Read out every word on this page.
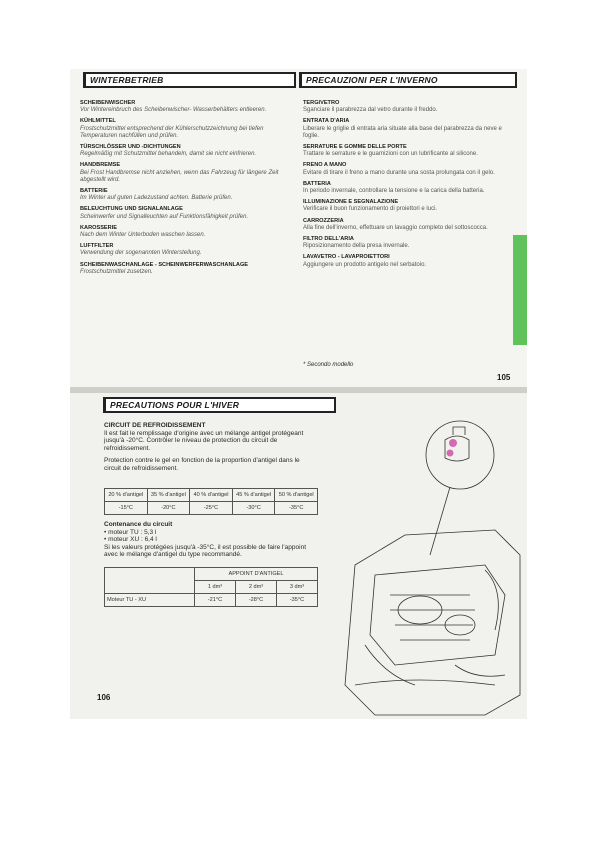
WINTERBETRIEB	PRECAUZIONI PER L'INVERNO
SCHEIBENWISCHER
Vor Wintereinbruch des Scheibenwischer- Wasserbehälters entleeren.
KÜHLMITTEL
Frostschutzmittel entsprechend der Kühlerschutzzeichnung bei tiefen Temperaturen nachfüllen und prüfen.
TÜRSCHLÖSSER UND -DICHTUNGEN
Regelmäßig mit Schutzmittel behandeln, damit sie nicht einfrieren.
HANDBREMSE
Bei Frost Handbremse nicht anziehen, wenn das Fahrzeug für längere Zeit abgestellt wird.
BATTERIE
Im Winter auf guten Ladezustand achten. Batterie prüfen.
BELEUCHTUNG UND SIGNALANLAGE
Scheinwerfer und Signalleuchten auf Funktionsfähigkeit prüfen.
KAROSSERIE
Nach dem Winter Unterboden waschen lassen.
LUFTFILTER
Verwendung der sogenannten Winterstellung.
SCHEIBENWASCHANLAGE - SCHEINWERFERWASCHANLAGE
Frostschutzmittel zusetzen.
TERGIVETRO
Sganciare il parabrezza dal vetro durante il freddo.
ENTRATA D'ARIA
Liberare le griglie di entrata aria situate alla base del parabrezza da neve e foglie.
SERRATURE E GOMME DELLE PORTE
Trattare le serrature e le guarnizioni con un lubrificante al silicone.
FRENO A MANO
Evitare di tirare il freno a mano durante una sosta prolungata con il gelo.
BATTERIA
In periodo invernale, controllare la tensione e la carica della batteria.
ILLUMINAZIONE E SEGNALAZIONE
Verificare il buon funzionamento di proiettori e luci.
CARROZZERIA
Alla fine dell'inverno, effettuare un lavaggio completo del sottoscocca.
FILTRO DELL'ARIA
Riposizionamento della presa invernale.
LAVAVETRO - LAVAPROIETTORI
Aggiungere un prodotto antigelo nel serbatoio.
* Secondo modello
105
PRECAUTIONS POUR L'HIVER
CIRCUIT DE REFROIDISSEMENT
Il est fait le remplissage d'origine avec un mélange antigel protégeant jusqu'à -20°C. Contrôler le niveau de protection du circuit de refroidissement.
Protection contre le gel en fonction de la proportion d'antigel dans le circuit de refroidissement.
20 % d'antigel	35 % d'antigel	40 % d'antigel	45 % d'antigel	50 % d'antigel
-15°C	-20°C	-25°C	-30°C	-35°C
Contenance du circuit
• moteur TU : 5,3 l
• moteur XU : 6,4 l
Si les valeurs protégées jusqu'à -35°C, il est possible de faire l'appoint avec le mélange d'antigel du type recommandé.
	APPOINT D'ANTIGEL		
	1 dm³	2 dm³	3 dm³
Moteur TU - XU	-21°C	-28°C	-35°C
106
